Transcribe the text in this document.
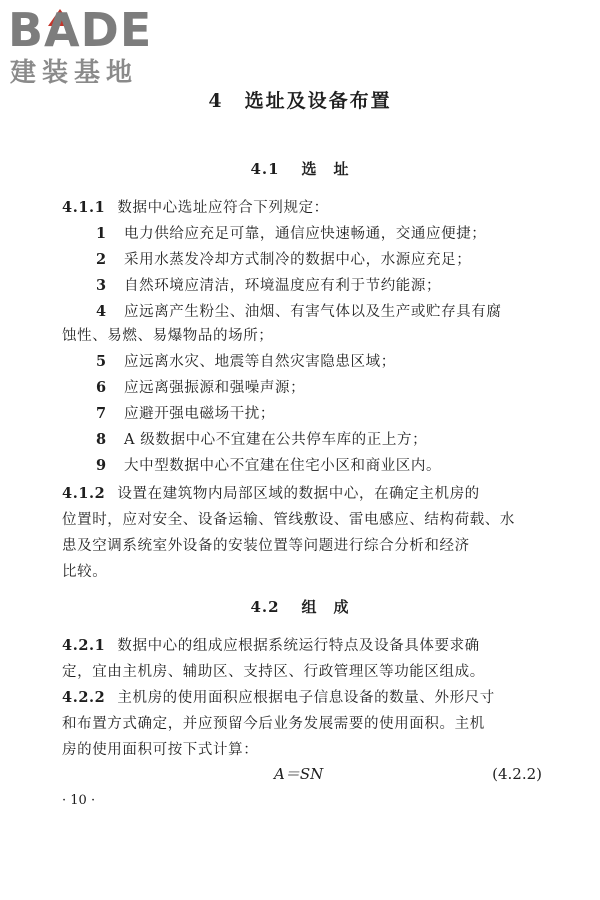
BADE
建装基地
4　选址及设备布置
4.1 选　址
4.1.1 数据中心选址应符合下列规定：
1 电力供给应充足可靠，通信应快速畅通，交通应便捷；
2 采用水蒸发冷却方式制冷的数据中心，水源应充足；
3 自然环境应清洁，环境温度应有利于节约能源；
4 应远离产生粉尘、油烟、有害气体以及生产或贮存具有腐
蚀性、易燃、易爆物品的场所；
5 应远离水灾、地震等自然灾害隐患区域；
6 应远离强振源和强噪声源；
7 应避开强电磁场干扰；
8 A 级数据中心不宜建在公共停车库的正上方；
9 大中型数据中心不宜建在住宅小区和商业区内。
4.1.2 设置在建筑物内局部区域的数据中心，在确定主机房的
位置时，应对安全、设备运输、管线敷设、雷电感应、结构荷载、水
患及空调系统室外设备的安装位置等问题进行综合分析和经济
比较。
4.2 组　成
4.2.1 数据中心的组成应根据系统运行特点及设备具体要求确
定，宜由主机房、辅助区、支持区、行政管理区等功能区组成。
4.2.2 主机房的使用面积应根据电子信息设备的数量、外形尺寸
和布置方式确定，并应预留今后业务发展需要的使用面积。主机
房的使用面积可按下式计算：
A＝SN	(4.2.2)
· 10 ·
